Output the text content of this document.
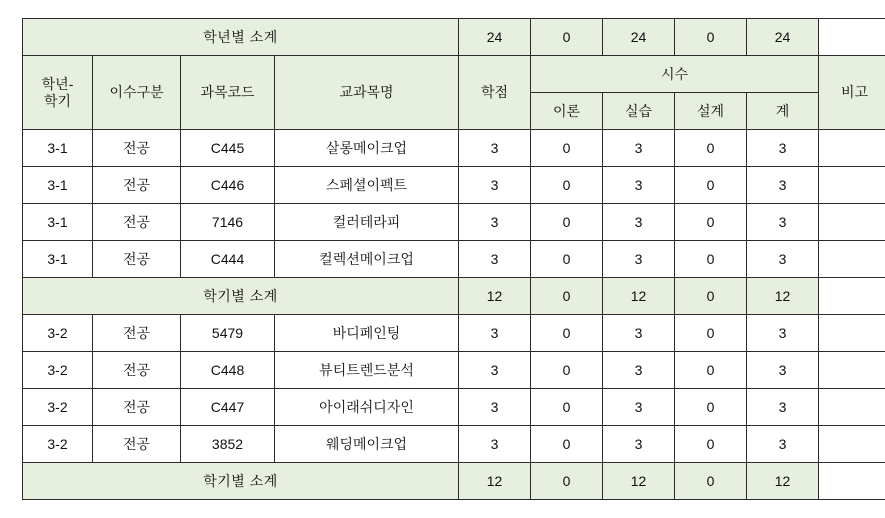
학년별 소계				24	0	24	0	24	
학년-
학기	이수구분	과목코드	교과목명	학점	시수				비고
					이론	실습	설계	계	
3-1	전공	C445	살롱메이크업	3	0	3	0	3	
3-1	전공	C446	스페셜이펙트	3	0	3	0	3	
3-1	전공	7146	컬러테라피	3	0	3	0	3	
3-1	전공	C444	컬렉션메이크업	3	0	3	0	3	
학기별 소계				12	0	12	0	12	
3-2	전공	5479	바디페인팅	3	0	3	0	3	
3-2	전공	C448	뷰티트렌드분석	3	0	3	0	3	
3-2	전공	C447	아이래쉬디자인	3	0	3	0	3	
3-2	전공	3852	웨딩메이크업	3	0	3	0	3	
학기별 소계				12	0	12	0	12	
